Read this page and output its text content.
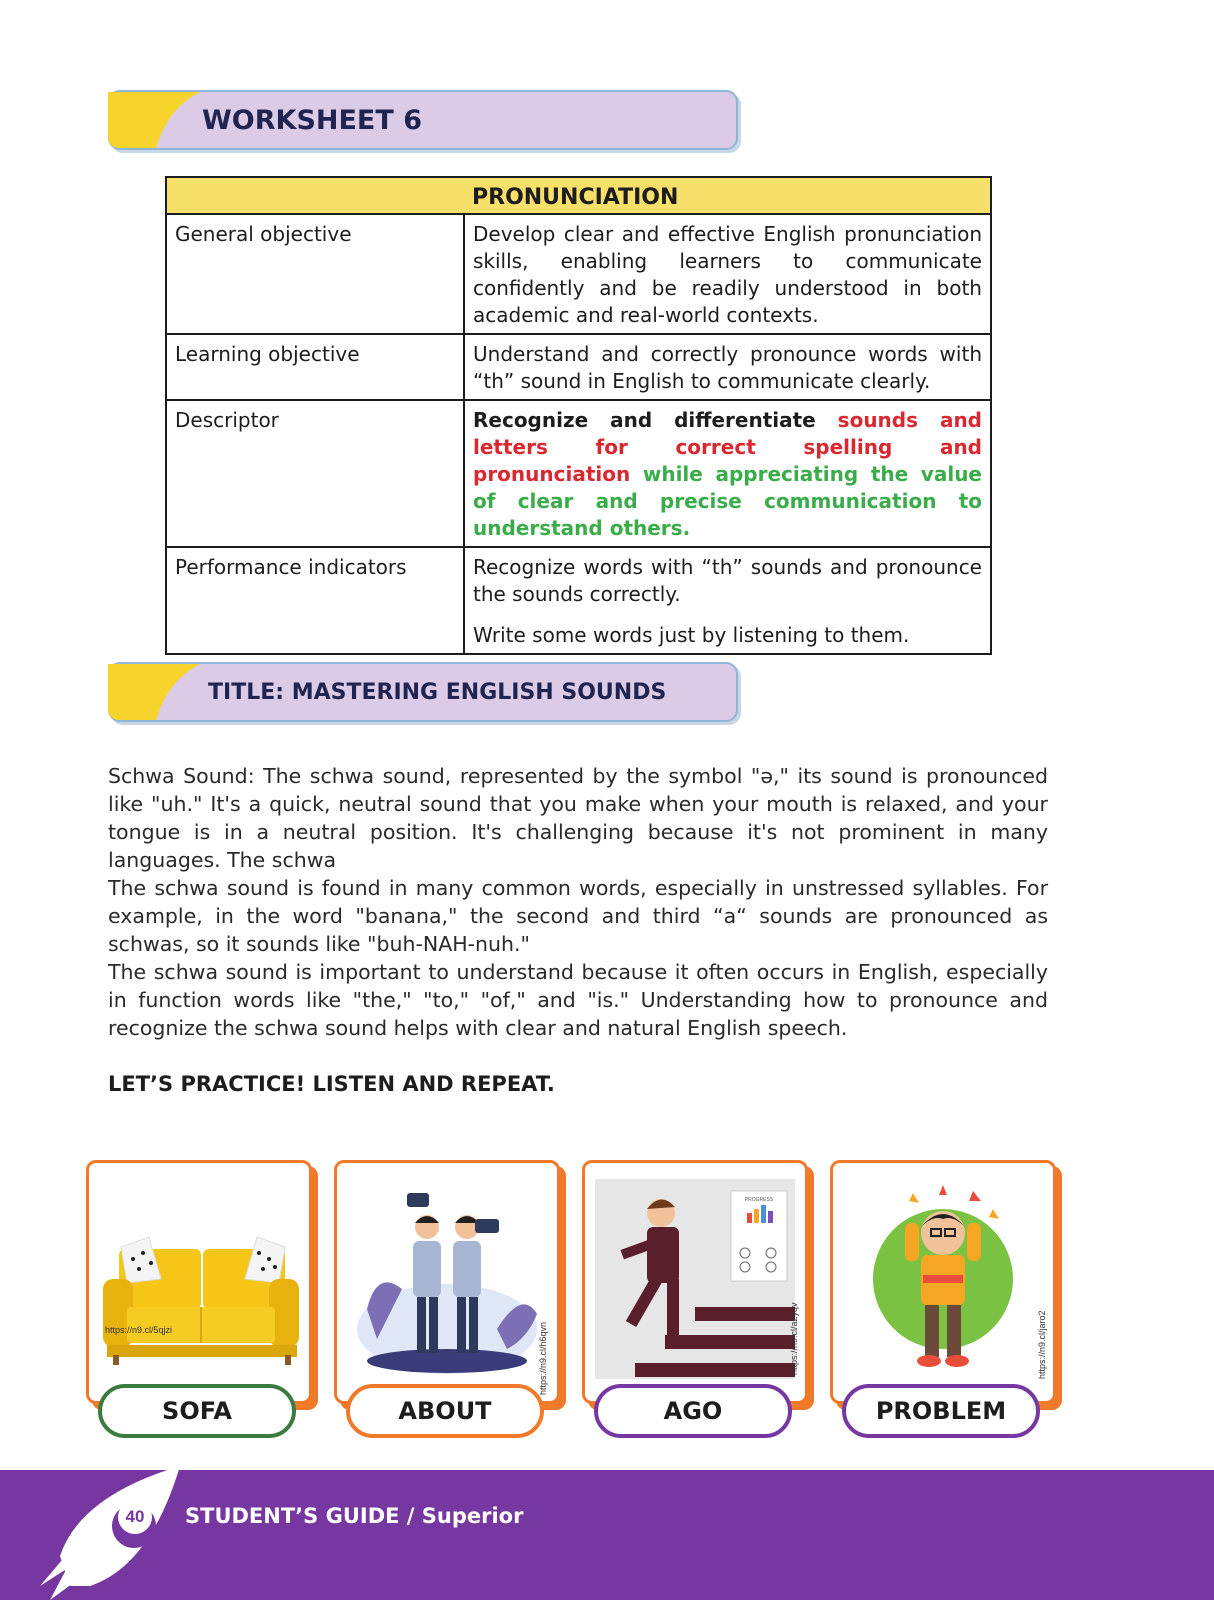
WORKSHEET 6
	PRONUNCIATION
General objective	Develop clear and effective English pronunciation skills, enabling learners to communicate confidently and be readily understood in both academic and real-world contexts.
Learning objective	Understand and correctly pronounce words with “th” sound in English to communicate clearly.
Descriptor	Recognize and differentiate sounds and letters for correct spelling and pronunciation while appreciating the value of clear and precise communication to understand others.
Performance indicators	Recognize words with “th” sounds and pronounce the sounds correctly.
Write some words just by listening to them.
TITLE: MASTERING ENGLISH SOUNDS

Schwa Sound: The schwa sound, represented by the symbol "ə," its sound is pronounced like "uh." It's a quick, neutral sound that you make when your mouth is relaxed, and your tongue is in a neutral position. It's challenging because it's not prominent in many languages. The schwa

The schwa sound is found in many common words, especially in unstressed syllables. For example, in the word "banana," the second and third “a“ sounds are pronounced as schwas, so it sounds like "buh-NAH-nuh."

The schwa sound is important to understand because it often occurs in English, especially in function words like "the," "to," "of," and "is." Understanding how to pronounce and recognize the schwa sound helps with clear and natural English speech.

LET’S PRACTICE! LISTEN AND REPEAT.
https://n9.cl/5qjzi
SOFA
https://n9.cl/h6qvn
ABOUT
PROGRESS
https://n9.cl/a2yqv
AGO
https://n9.cl/jaro2
PROBLEM
40	STUDENT’S GUIDE / Superior
